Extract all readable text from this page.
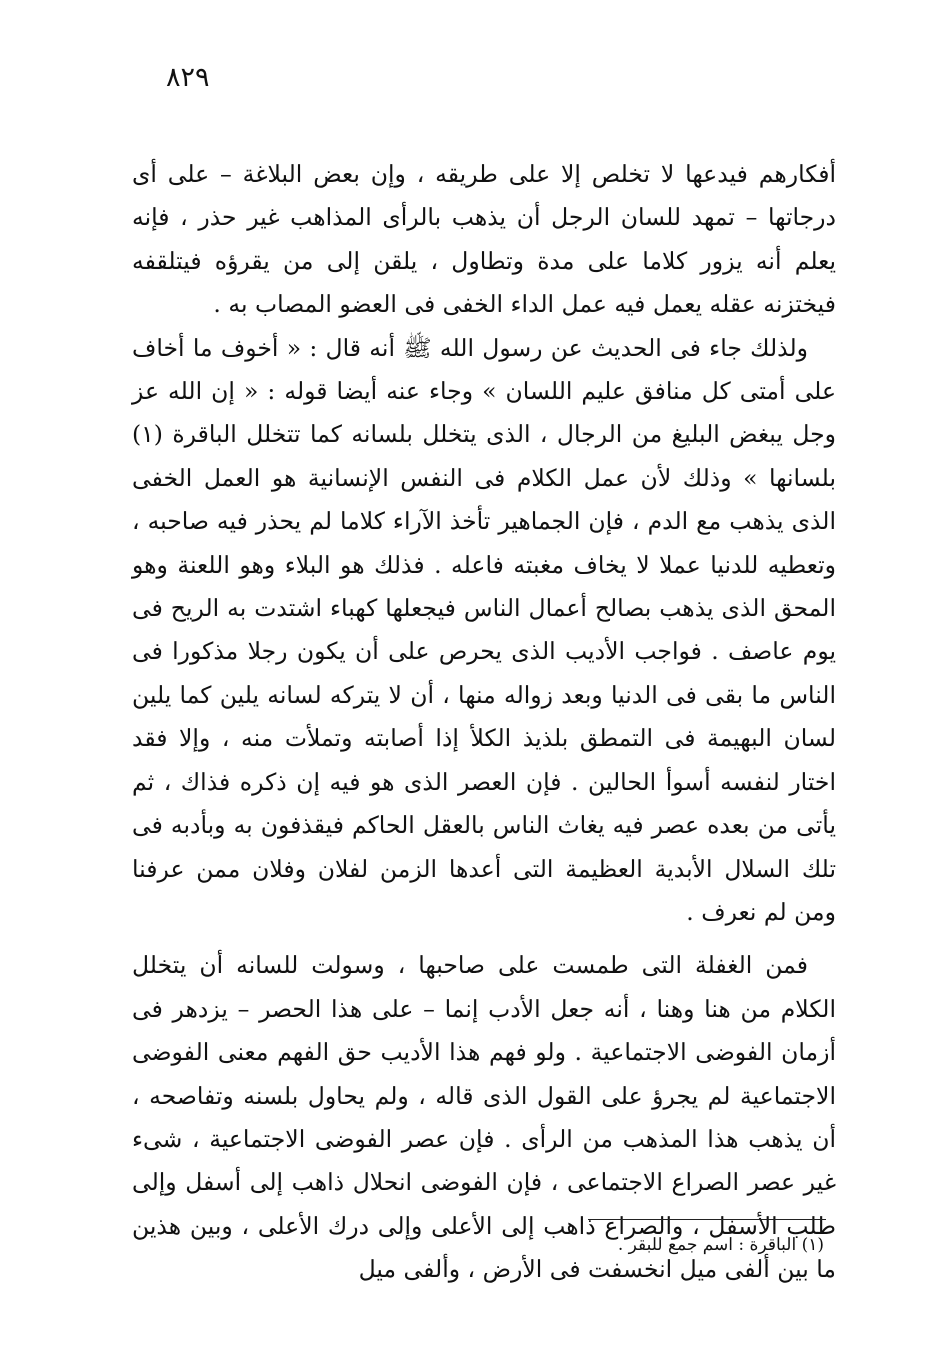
٨٢٩

أفكارهم فيدعها لا تخلص إلا على طريقه ، وإن بعض البلاغة – على أى درجاتها – تمهد للسان الرجل أن يذهب بالرأى المذاهب غير حذر ، فإنه يعلم أنه يزور كلاما على مدة وتطاول ، يلقن إلى من يقرؤه فيتلقفه فيختزنه عقله يعمل فيه عمل الداء الخفى فى العضو المصاب به .

ولذلك جاء فى الحديث عن رسول الله ﷺ أنه قال : « أخوف ما أخاف على أمتى كل منافق عليم اللسان » وجاء عنه أيضا قوله : « إن الله عز وجل يبغض البليغ من الرجال ، الذى يتخلل بلسانه كما تتخلل الباقرة (١) بلسانها » وذلك لأن عمل الكلام فى النفس الإنسانية هو العمل الخفى الذى يذهب مع الدم ، فإن الجماهير تأخذ الآراء كلاما لم يحذر فيه صاحبه ، وتعطيه للدنيا عملا لا يخاف مغبته فاعله . فذلك هو البلاء وهو اللعنة وهو المحق الذى يذهب بصالح أعمال الناس فيجعلها كهباء اشتدت به الريح فى يوم عاصف . فواجب الأديب الذى يحرص على أن يكون رجلا مذكورا فى الناس ما بقى فى الدنيا وبعد زواله منها ، أن لا يتركه لسانه يلين كما يلين لسان البهيمة فى التمطق بلذيذ الكلأ إذا أصابته وتملأت منه ، وإلا فقد اختار لنفسه أسوأ الحالين . فإن العصر الذى هو فيه إن ذكره فذاك ، ثم يأتى من بعده عصر فيه يغاث الناس بالعقل الحاكم فيقذفون به وبأدبه فى تلك السلال الأبدية العظيمة التى أعدها الزمن لفلان وفلان ممن عرفنا ومن لم نعرف .

فمن الغفلة التى طمست على صاحبها ، وسولت للسانه أن يتخلل الكلام من هنا وهنا ، أنه جعل الأدب إنما – على هذا الحصر – يزدهر فى أزمان الفوضى الاجتماعية . ولو فهم هذا الأديب حق الفهم معنى الفوضى الاجتماعية لم يجرؤ على القول الذى قاله ، ولم يحاول بلسنه وتفاصحه ، أن يذهب هذا المذهب من الرأى . فإن عصر الفوضى الاجتماعية ، شىء غير عصر الصراع الاجتماعى ، فإن الفوضى انحلال ذاهب إلى أسفل وإلى طلب الأسفل ، والصراع ذاهب إلى الأعلى وإلى درك الأعلى ، وبين هذين ما بين ألفى ميل انخسفت فى الأرض ، وألفى ميل

(١) الباقرة : اسم جمع للبقر .
